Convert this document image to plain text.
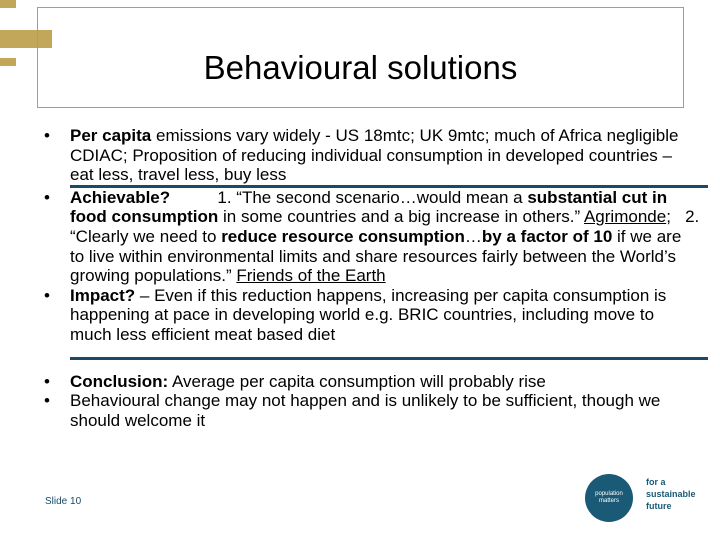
Behavioural solutions
• Per capita emissions vary widely - US 18mtc; UK 9mtc; much of Africa negligible CDIAC; Proposition of reducing individual consumption in developed countries – eat less, travel less, buy less
• Achievable?          1. “The second scenario…would mean a substantial cut in food consumption in some countries and a big increase in others.” Agrimonde;   2. “Clearly we need to reduce resource consumption…by a factor of 10 if we are to live within environmental limits and share resources fairly between the World’s growing populations.” Friends of the Earth
• Impact? – Even if this reduction happens, increasing per capita consumption is happening at pace in developing world e.g. BRIC countries, including move to much less efficient meat based diet
• Conclusion: Average per capita consumption will probably rise
• Behavioural change may not happen and is unlikely to be sufficient, though we should welcome it
Slide 10
population
matters
for a
sustainable
future
